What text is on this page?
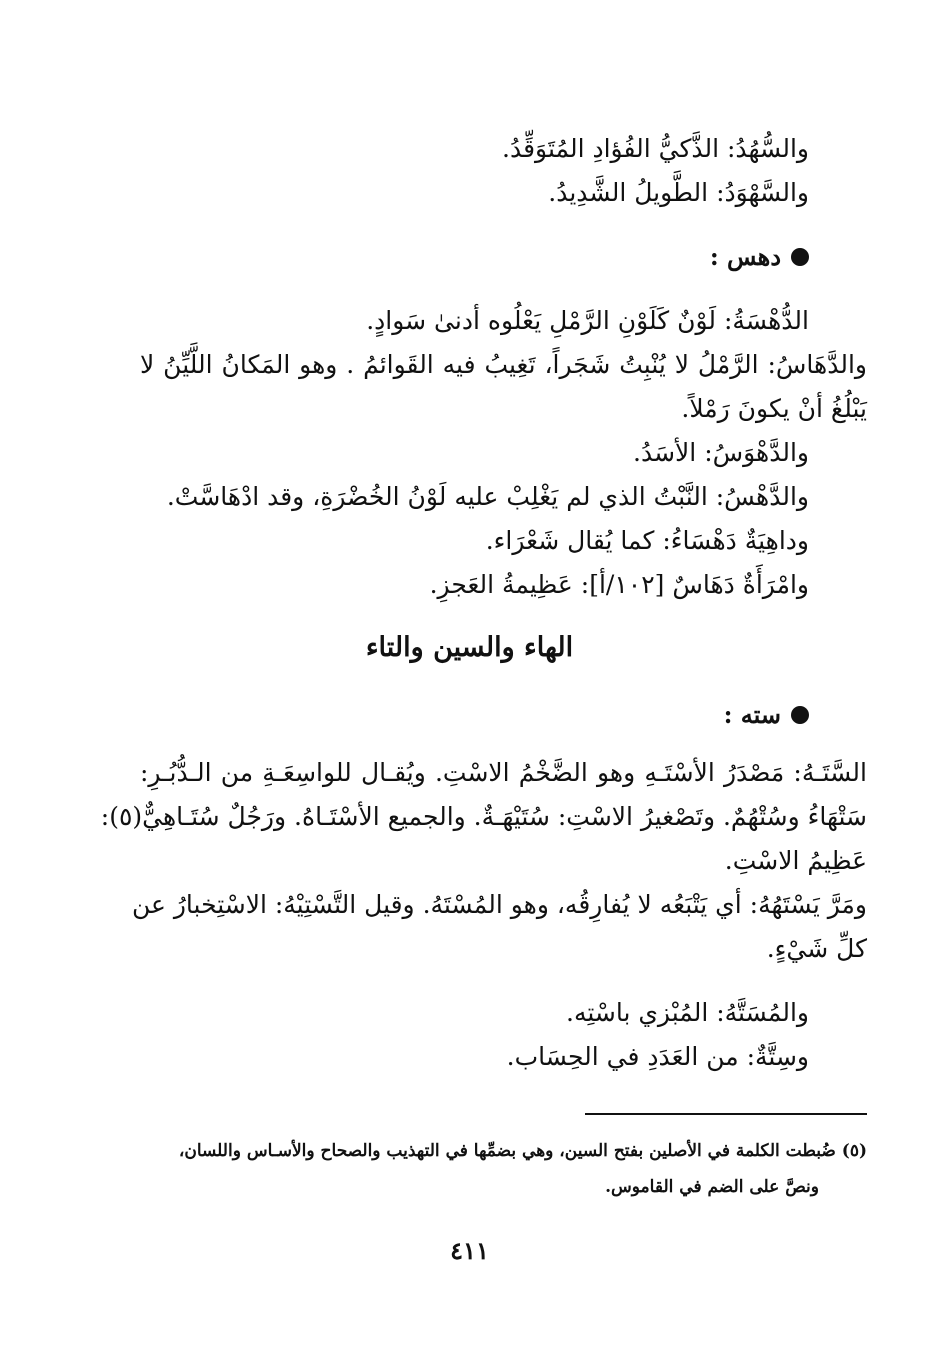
والسُّهُدُ: الذَّكيُّ الفُؤادِ المُتَوَقِّدُ.
والسَّهْوَدُ: الطَّويلُ الشَّدِيدُ.
دهس :
الدُّهْسَةُ: لَوْنٌ كَلَوْنِ الرَّمْلِ يَعْلُوه أدنىٰ سَوادٍ.
والدَّهَاسُ: الرَّمْلُ لا يُنْبِتُ شَجَراً، تَغِيبُ فيه القَوائمُ . وهو المَكانُ اللَّيِّنُ لا
يَبْلُغُ أنْ يكونَ رَمْلاً.
والدَّهْوَسُ: الأسَدُ.
والدَّهْسُ: النَّبْتُ الذي لم يَغْلِبْ عليه لَوْنُ الخُضْرَةِ، وقد ادْهَاسَّتْ.
وداهِيَةٌ دَهْسَاءُ: كما يُقال شَعْرَاء.
وامْرَأَةٌ دَهَاسٌ [١٠٢/أ]: عَظِيمةُ العَجزِ.
الهاء والسين والتاء
سته :
السَّتَـهُ: مَصْدَرُ الأسْتَـهِ وهو الضَّخْمُ الاسْتِ. ويُقـال للواسِعَـةِ من الـدُّبُـرِ:
سَتْهَاءُ وسُتْهُمٌ. وتَصْغيرُ الاسْتِ: سُتَيْهَـةٌ. والجميع الأسْتَـاهُ. ورَجُلٌ سُتَـاهِيٌّ(٥):
عَظِيمُ الاسْتِ.
ومَرَّ يَسْتَهُهُ: أي يَتْبَعُه لا يُفارِقُه، وهو المُسْتَهُ. وقيل التَّسْتِيْهُ: الاسْتِخبارُ عن
كلِّ شَيْءٍ.
والمُسَتَّهُ: المُبْزي باسْتِه.
وسِتَّةٌ: من العَدَدِ في الحِسَاب.
(٥) ضُبطت الكلمة في الأصلين بفتح السين، وهي بضمِّها في التهذيب والصحاح والأسـاس واللسان،
ونصَّ على الضم في القاموس.
٤١١
